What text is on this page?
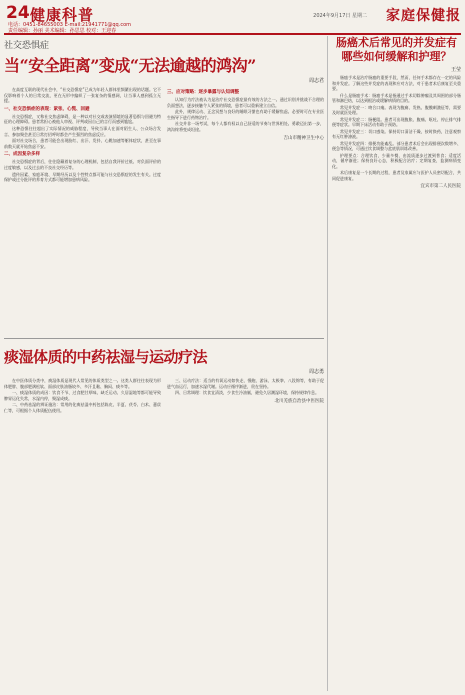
24 健康科普
电话：0451-84655003 E-mail:21941771@qq.com
责任编辑：孙丽 美术编辑：孙思思 校对：王迎春
2024年9月17日 星期二 家庭保健报
社交恐惧症
当“安全距离”变成“无法逾越的鸿沟”
周志君

在高度互联的现代社会中，“社交恐惧症”已成为年轻人群体里频繁出现的话题。它不仅影响着个人的日常交流，更在无形中编织了一张复杂的情感网，让当事人感到孤立无援。

一、社交恐惧症的表现：紧张、心慌、回避

社交恐惧症，又称社交焦虑障碍，是一种以对社交或表演情境的显著恐惧与回避为特征的心理障碍。患者常担心被他人审视、评判或因自己的言行而感到尴尬。

这种恐惧往往超出了实际情况的威胁程度，导致当事人在面对陌生人、公众场合发言、参加聚会甚至日常打招呼时都会产生强烈的焦虑反应。

面对社交场合，患者可能会出现脸红、出汗、发抖、心跳加速等躯体症状，甚至在事前数天就开始焦虑不安。

二、成因复杂多样

社交恐惧症的背后，往往隐藏着复杂的心理机制，包括自我评价过低、对负面评价的过度敏感，以及过去的不良社交经历等。

遗传因素、家庭环境、早期经历以及个性特点都可能与社交恐惧症的发生有关。过度保护或过分批评的养育方式都可能增加患病风险。

三、应对策略：逐步暴露与认知调整

认知行为疗法被认为是治疗社交恐惧症最有效的方法之一。通过识别并挑战不合理的负面想法，逐步接触令人紧张的情境，患者可以重新建立自信。

此外，规律运动、正念冥想与良好的睡眠习惯也有助于缓解焦虑。必要时可在专业医生指导下进行药物治疗。

社交并非一场考试，每个人都有权以自己舒适的节奏与世界相处。勇敢迈出第一步，鸿沟终将变成坦途。

吉山市精神卫生中心
痰湿体质的中药祛湿与运动疗法
周志勇

在中医体质分类中，痰湿体质是现代人常见的体质类型之一。这类人群往往表现为形体肥胖、腹部肥满松软、面部皮肤油脂较多、多汗且黏、胸闷、痰多等。

一、痰湿体质的成因：饮食不节、过食肥甘厚味、缺乏运动、久居湿地等都可能导致脾胃运化失常，水湿内停，聚湿成痰。

二、中药祛湿的辨证施治：常用的化痰祛湿中药包括陈皮、半夏、茯苓、白术、薏苡仁等，可根据个人体质配伍使用。

三、运动疗法：适当的有氧运动如快走、慢跑、游泳、太极拳、八段锦等，有助于促进气血运行，加速水湿代谢。运动应循序渐进，贵在坚持。

四、日常调理：饮食宜清淡，少食生冷油腻，避免久居潮湿环境，保持规律作息。

北川羌族自治县中医医院
肠癌术后常见的并发症有哪些如何缓解和护理？
王莹

肠癌手术是治疗肠癌的重要手段，然而，任何手术都存在一定的风险和并发症。了解这些并发症的表现和应对方法，对于患者术后康复至关重要。

什么是肠癌手术：肠癌手术是指通过手术切除肿瘤及其周围的部分肠管和淋巴结，以达到根治或缓解病情的目的。

常见并发症一：吻合口瘘。表现为腹痛、发热、腹膜刺激征等，需要及时就医处理。

常见并发症二：肠梗阻。患者可出现腹胀、腹痛、呕吐、停止排气排便等症状。早期下床活动有助于预防。

常见并发症三：切口感染。保持切口清洁干燥，按时换药，注意观察有无红肿渗液。

常见并发症四：排便功能紊乱。部分患者术后会出现排便次数增多、便急等情况，可通过饮食调整与盆底肌训练改善。

护理要点：合理饮食，少量多餐，由流质逐步过渡到普食；适度活动，循序渐进；保持良好心态，积极配合治疗；定期复查，监测病情变化。

术后康复是一个长期的过程，患者及家属应与医护人员密切配合，共同促进康复。

宜宾市第二人民医院
